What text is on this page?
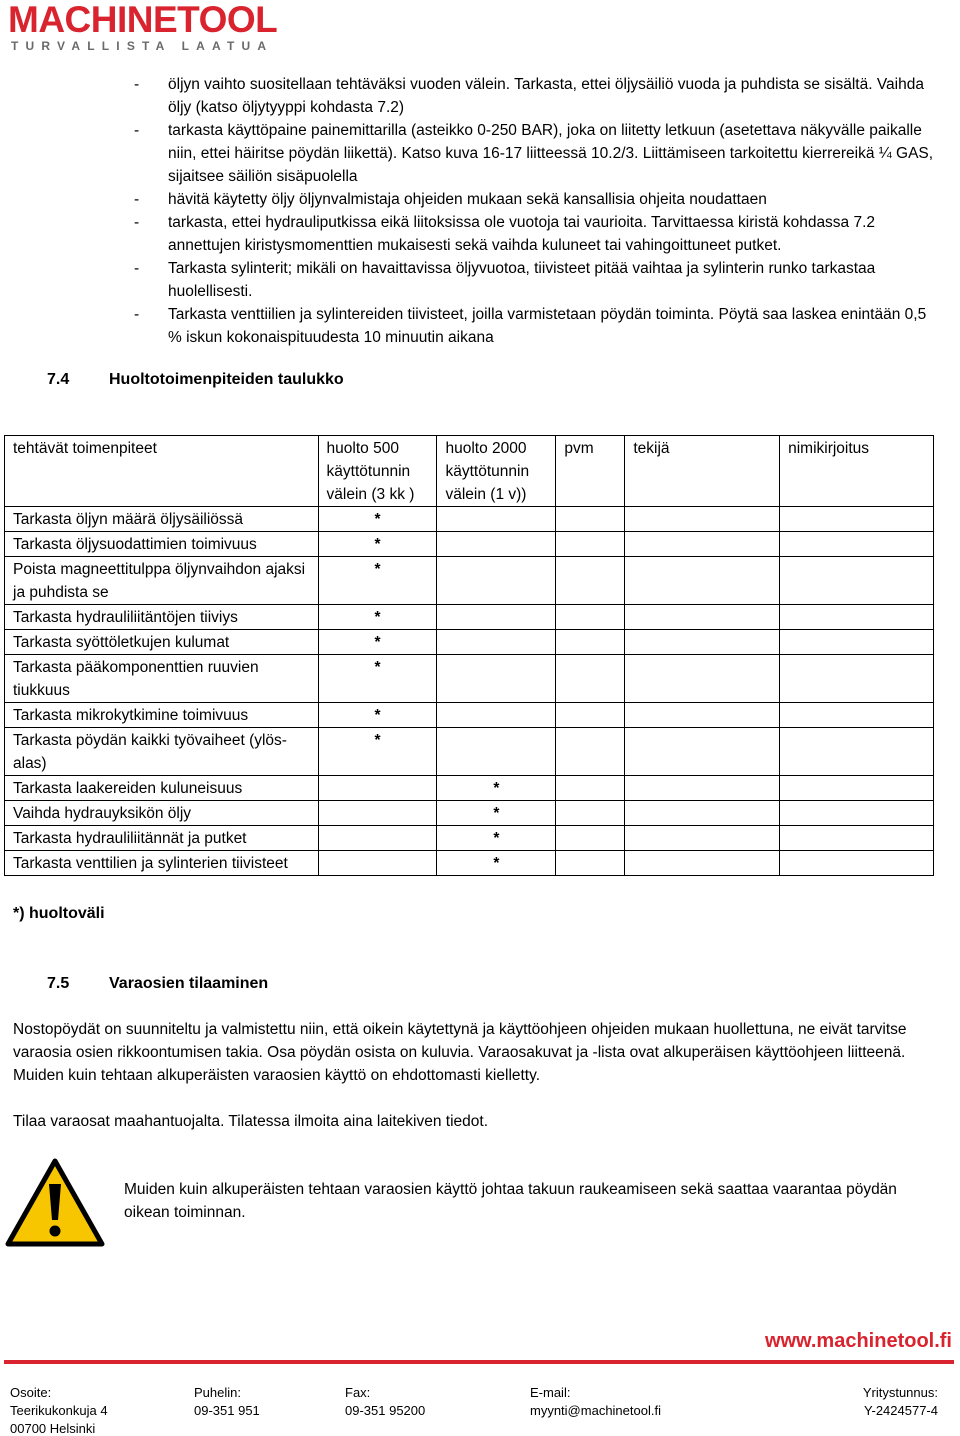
MACHINETOOL
TURVALLISTA LAATUA
- öljyn vaihto suositellaan tehtäväksi vuoden välein. Tarkasta, ettei öljysäiliö vuoda ja puhdista se sisältä. Vaihda öljy (katso öljytyyppi kohdasta 7.2)
- tarkasta käyttöpaine painemittarilla (asteikko 0-250 BAR), joka on liitetty letkuun (asetettava näkyvälle paikalle niin, ettei häiritse pöydän liikettä). Katso kuva 16-17 liitteessä 10.2/3. Liittämiseen tarkoitettu kierrereikä ¼ GAS, sijaitsee säiliön sisäpuolella
- hävitä käytetty öljy öljynvalmistaja ohjeiden mukaan sekä kansallisia ohjeita noudattaen
- tarkasta, ettei hydrauliputkissa eikä liitoksissa ole vuotoja tai vaurioita. Tarvittaessa kiristä kohdassa 7.2 annettujen kiristysmomenttien mukaisesti sekä vaihda kuluneet tai vahingoittuneet putket.
- Tarkasta sylinterit; mikäli on havaittavissa öljyvuotoa, tiivisteet pitää vaihtaa ja sylinterin runko tarkastaa huolellisesti.
- Tarkasta venttiilien ja sylintereiden tiivisteet, joilla varmistetaan pöydän toiminta. Pöytä saa laskea enintään 0,5 % iskun kokonaispituudesta 10 minuutin aikana
7.4 Huoltotoimenpiteiden taulukko
tehtävät toimenpiteet	huolto 500 käyttötunnin välein (3 kk )	huolto 2000 käyttötunnin välein (1 v))	pvm	tekijä	nimikirjoitus
Tarkasta öljyn määrä öljysäiliössä	*				
Tarkasta öljysuodattimien toimivuus	*				
Poista magneettitulppa öljynvaihdon ajaksi ja puhdista se	*				
Tarkasta hydrauliliitäntöjen tiiviys	*				
Tarkasta syöttöletkujen kulumat	*				
Tarkasta pääkomponenttien ruuvien tiukkuus	*				
Tarkasta mikrokytkimine toimivuus	*				
Tarkasta pöydän kaikki työvaiheet (ylös-alas)	*				
Tarkasta laakereiden kuluneisuus		*			
Vaihda hydrauyksikön öljy		*			
Tarkasta hydrauliliitännät ja putket		*			
Tarkasta venttilien ja sylinterien tiivisteet		*			
*) huoltoväli
7.5 Varaosien tilaaminen

Nostopöydät on suunniteltu ja valmistettu niin, että oikein käytettynä ja käyttöohjeen ohjeiden mukaan huollettuna, ne eivät tarvitse varaosia osien rikkoontumisen takia. Osa pöydän osista on kuluvia. Varaosakuvat ja -lista ovat alkuperäisen käyttöohjeen liitteenä. Muiden kuin tehtaan alkuperäisten varaosien käyttö on ehdottomasti kielletty.

Tilaa varaosat maahantuojalta. Tilatessa ilmoita aina laitekiven tiedot.

Muiden kuin alkuperäisten tehtaan varaosien käyttö johtaa takuun raukeamiseen sekä saattaa vaarantaa pöydän oikean toiminnan.

www.machinetool.fi
Osoite:
Teerikukonkuja 4
00700 Helsinki
Puhelin:
09-351 951
Fax:
09-351 95200
E-mail:
myynti@machinetool.fi
Yritystunnus:
Y-2424577-4
